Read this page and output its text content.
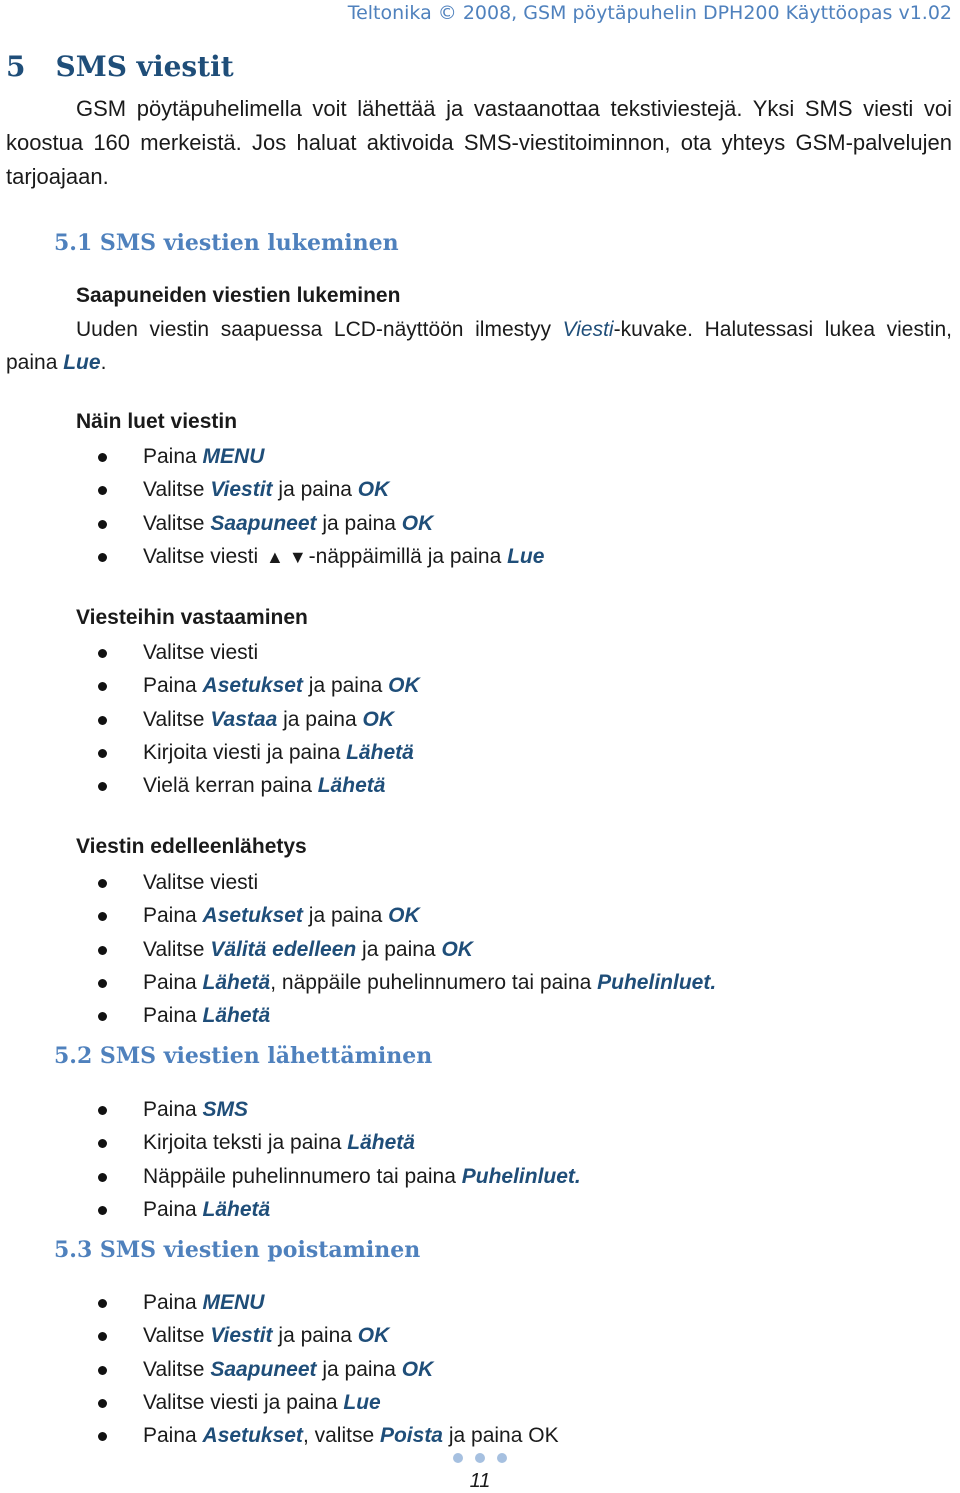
Teltonika © 2008, GSM pöytäpuhelin DPH200 Käyttöopas v1.02
5 SMS viestit
GSM pöytäpuhelimella voit lähettää ja vastaanottaa tekstiviestejä. Yksi SMS viesti voi koostua 160 merkeistä. Jos haluat aktivoida SMS-viestitoiminnon, ota yhteys GSM-palvelujen tarjoajaan.
5.1 SMS viestien lukeminen
Saapuneiden viestien lukeminen
Uuden viestin saapuessa LCD-näyttöön ilmestyy Viesti-kuvake. Halutessasi lukea viestin, paina Lue.
Näin luet viestin
Paina MENU
Valitse Viestit ja paina OK
Valitse Saapuneet ja paina OK
Valitse viesti ▲ ▼-näppäimillä ja paina Lue
Viesteihin vastaaminen
Valitse viesti
Paina Asetukset ja paina OK
Valitse Vastaa ja paina OK
Kirjoita viesti ja paina Lähetä
Vielä kerran paina Lähetä
Viestin edelleenlähetys
Valitse viesti
Paina Asetukset ja paina OK
Valitse Välitä edelleen ja paina OK
Paina Lähetä, näppäile puhelinnumero tai paina Puhelinluet.
Paina Lähetä
5.2 SMS viestien lähettäminen
Paina SMS
Kirjoita teksti ja paina Lähetä
Näppäile puhelinnumero tai paina Puhelinluet.
Paina Lähetä
5.3 SMS viestien poistaminen
Paina MENU
Valitse Viestit ja paina OK
Valitse Saapuneet ja paina OK
Valitse viesti ja paina Lue
Paina Asetukset, valitse Poista ja paina OK
11
